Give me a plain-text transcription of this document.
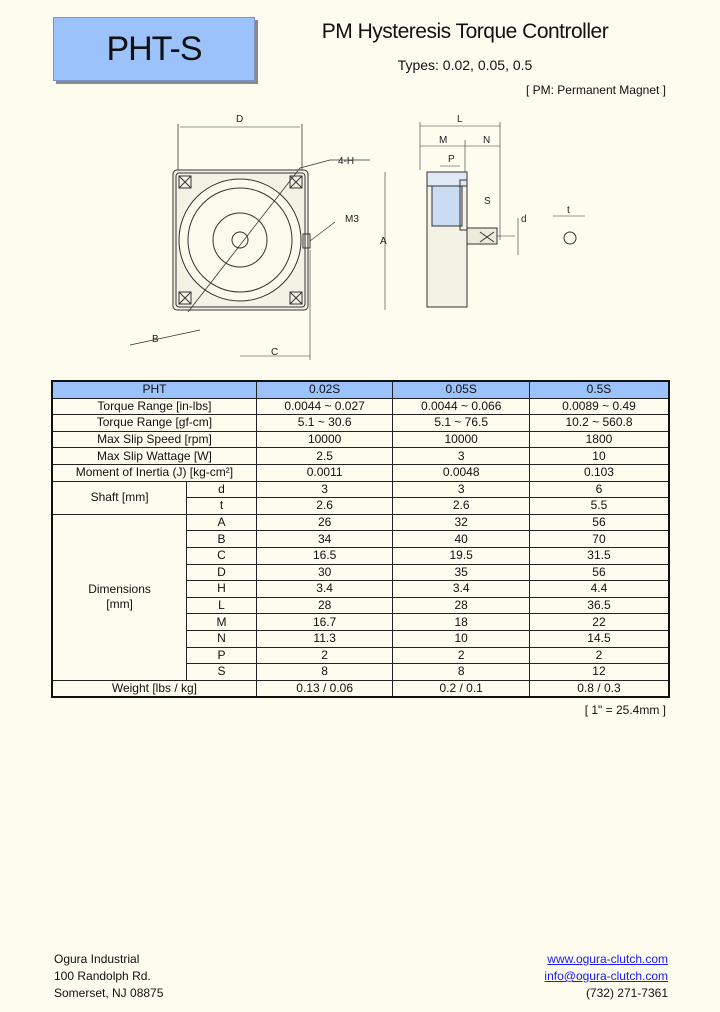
PHT-S	PM Hysteresis Torque Controller
Types: 0.02, 0.05, 0.5
[ PM: Permanent Magnet ]
D
4-H
M3
A
B
C
L
M	N
P
S
d
t
PHT		0.02S	0.05S	0.5S
Torque Range [in-lbs]		0.0044 ~ 0.027	0.0044 ~ 0.066	0.0089 ~ 0.49
Torque Range [gf-cm]		5.1 ~ 30.6	5.1 ~ 76.5	10.2 ~ 560.8
Max Slip Speed [rpm]		10000	10000	1800
Max Slip Wattage [W]		2.5	3	10
Moment of Inertia (J) [kg-cm²]		0.0011	0.0048	0.103

Shaft [mm]	d	3	3	6
	t	2.6	2.6	5.5

Dimensions
[mm]	A	26	32	56
	B	34	40	70
	C	16.5	19.5	31.5
	D	30	35	56
	H	3.4	3.4	4.4
	L	28	28	36.5
	M	16.7	18	22
	N	11.3	10	14.5
	P	2	2	2
	S	8	8	12
Weight [lbs / kg]		0.13 / 0.06	0.2 / 0.1	0.8 / 0.3
[ 1" = 25.4mm ]
Ogura Industrial
100 Randolph Rd.
Somerset, NJ 08875
www.ogura-clutch.com
info@ogura-clutch.com
(732) 271-7361
